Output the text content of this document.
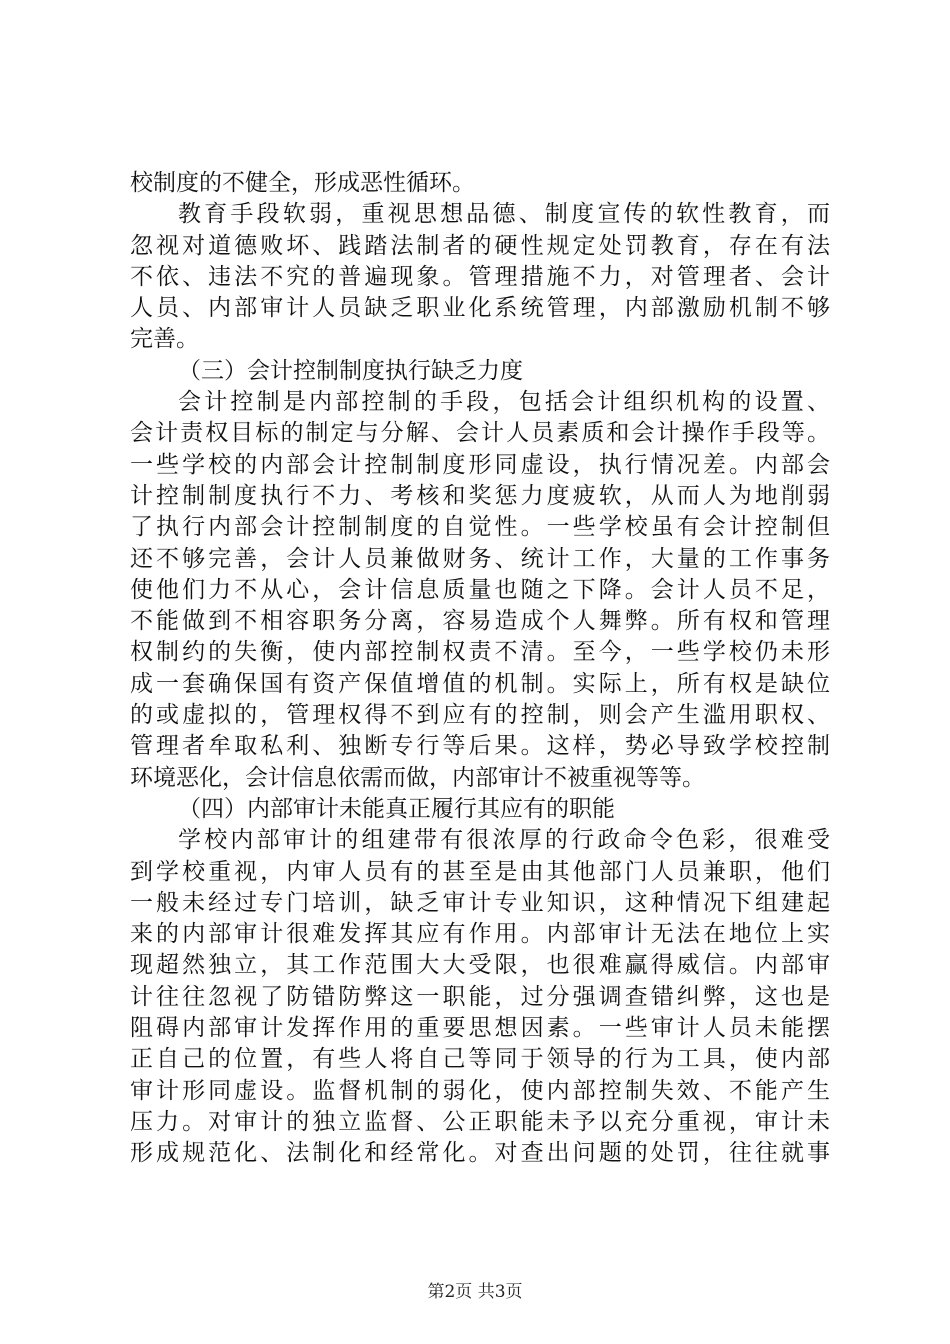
校制度的不健全，形成恶性循环。
教育手段软弱，重视思想品德、制度宣传的软性教育，而
忽视对道德败坏、践踏法制者的硬性规定处罚教育，存在有法
不依、违法不究的普遍现象。管理措施不力，对管理者、会计
人员、内部审计人员缺乏职业化系统管理，内部激励机制不够
完善。
（三）会计控制制度执行缺乏力度
会计控制是内部控制的手段，包括会计组织机构的设置、
会计责权目标的制定与分解、会计人员素质和会计操作手段等。
一些学校的内部会计控制制度形同虚设，执行情况差。内部会
计控制制度执行不力、考核和奖惩力度疲软，从而人为地削弱
了执行内部会计控制制度的自觉性。一些学校虽有会计控制但
还不够完善，会计人员兼做财务、统计工作，大量的工作事务
使他们力不从心，会计信息质量也随之下降。会计人员不足，
不能做到不相容职务分离，容易造成个人舞弊。所有权和管理
权制约的失衡，使内部控制权责不清。至今，一些学校仍未形
成一套确保国有资产保值增值的机制。实际上，所有权是缺位
的或虚拟的，管理权得不到应有的控制，则会产生滥用职权、
管理者牟取私利、独断专行等后果。这样，势必导致学校控制
环境恶化，会计信息依需而做，内部审计不被重视等等。
（四）内部审计未能真正履行其应有的职能
学校内部审计的组建带有很浓厚的行政命令色彩，很难受
到学校重视，内审人员有的甚至是由其他部门人员兼职，他们
一般未经过专门培训，缺乏审计专业知识，这种情况下组建起
来的内部审计很难发挥其应有作用。内部审计无法在地位上实
现超然独立，其工作范围大大受限，也很难赢得威信。内部审
计往往忽视了防错防弊这一职能，过分强调查错纠弊，这也是
阻碍内部审计发挥作用的重要思想因素。一些审计人员未能摆
正自己的位置，有些人将自己等同于领导的行为工具，使内部
审计形同虚设。监督机制的弱化，使内部控制失效、不能产生
压力。对审计的独立监督、公正职能未予以充分重视，审计未
形成规范化、法制化和经常化。对查出问题的处罚，往往就事
第2页 共3页
